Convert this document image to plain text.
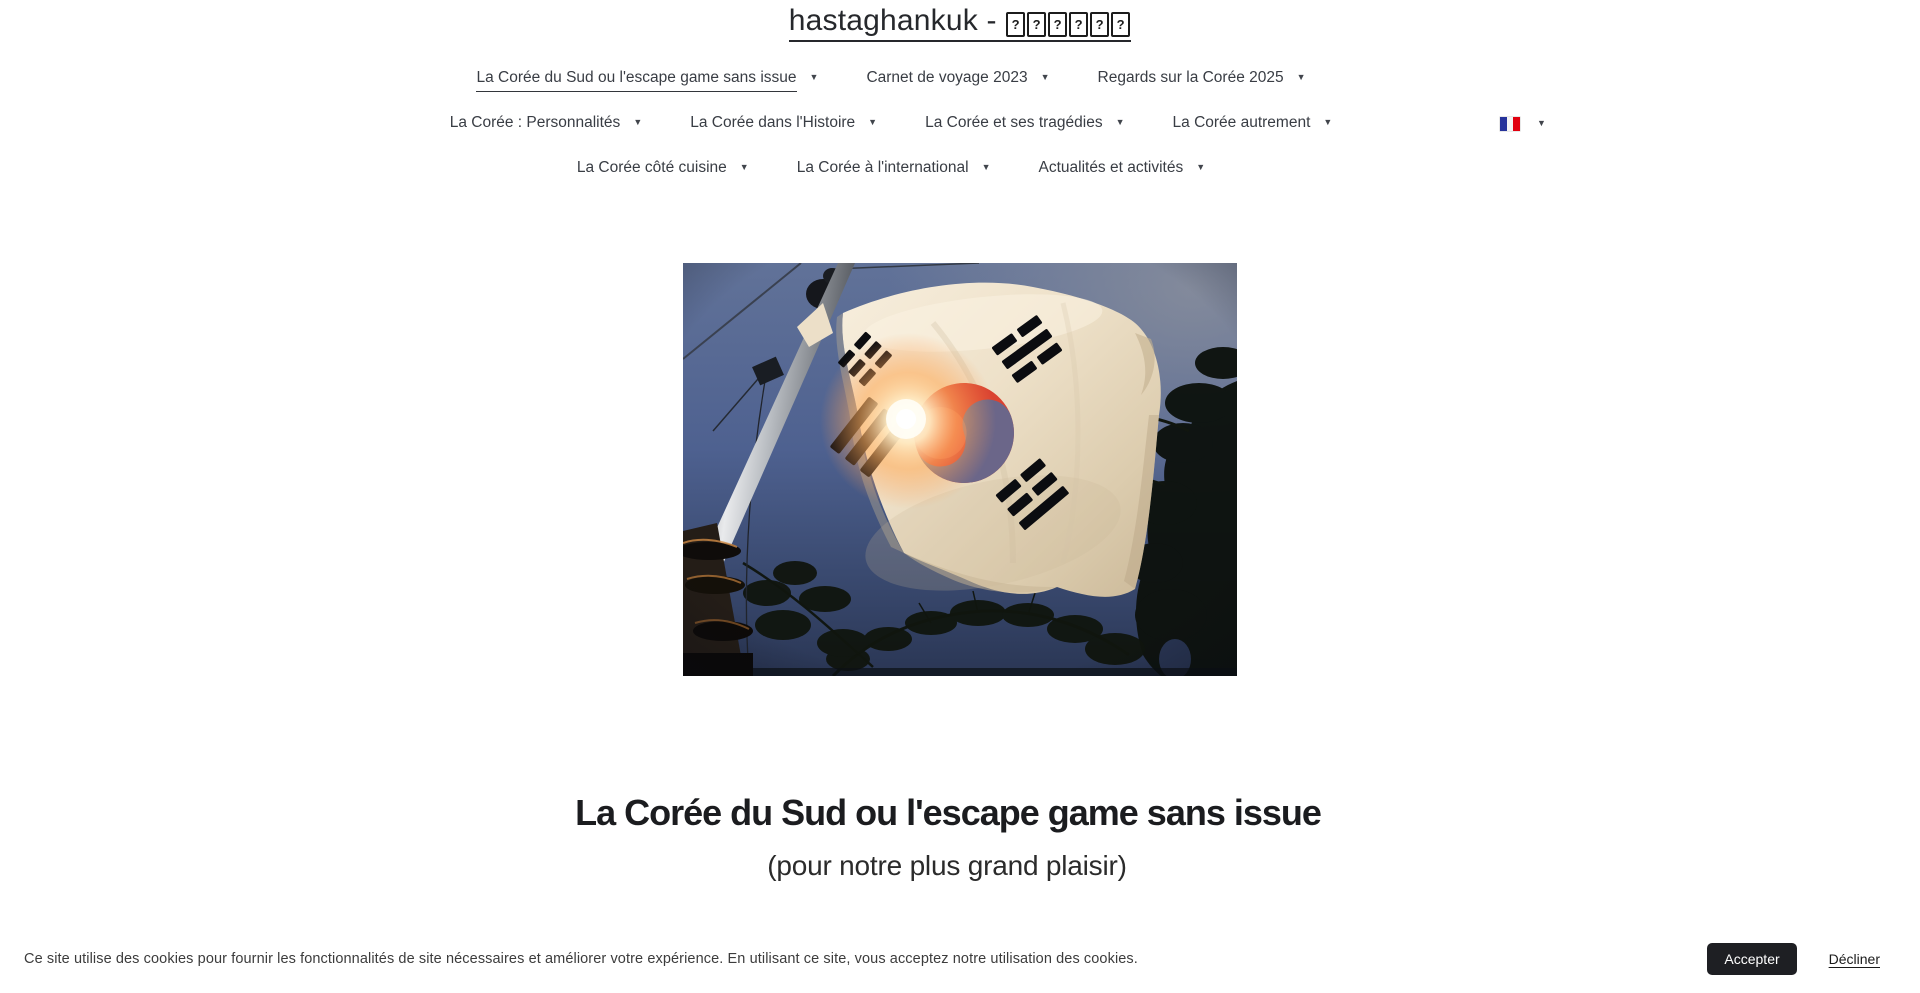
hastaghankuk - ? ? ? ? ? ?
La Corée du Sud ou l'escape game sans issue ▼	Carnet de voyage 2023 ▼	Regards sur la Corée 2025 ▼
La Corée : Personnalités ▼	La Corée dans l'Histoire ▼	La Corée et ses tragédies ▼	La Corée autrement ▼
La Corée côté cuisine ▼	La Corée à l'international ▼	Actualités et activités ▼
▼
La Corée du Sud ou l'escape game sans issue
(pour notre plus grand plaisir)
Ce site utilise des cookies pour fournir les fonctionnalités de site nécessaires et améliorer votre expérience. En utilisant ce site, vous acceptez notre utilisation des cookies.	Accepter	Décliner
